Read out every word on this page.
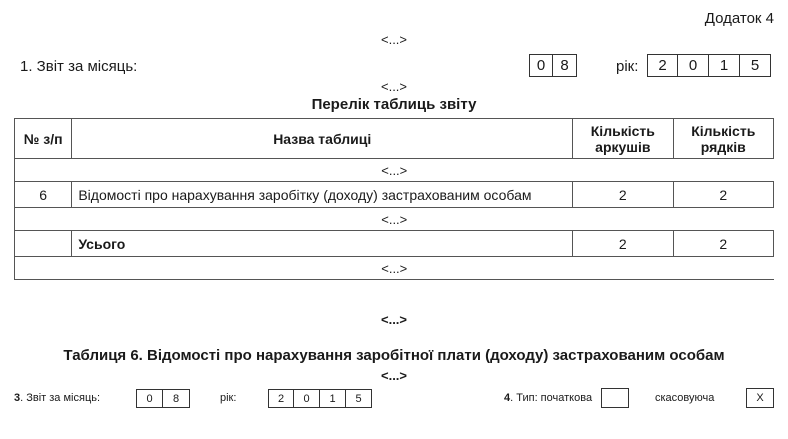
Додаток 4
<...>
1. Звіт за місяць:	0	8	рік:	2	0	1	5
<...>
Перелік таблиць звіту
№ з/п	Назва таблиці	Кількість аркушів	Кількість рядків
<...>			
6	Відомості про нарахування заробітку (доходу) застрахованим особам	2	2
<...>			
	Усього	2	2
<...>			
<...>
Таблиця 6. Відомості про нарахування заробітної плати (доходу) застрахованим особам
<...>
3. Звіт за місяць:	0	8	рік:	2	0	1	5	4. Тип: початкова	скасовуюча	X
